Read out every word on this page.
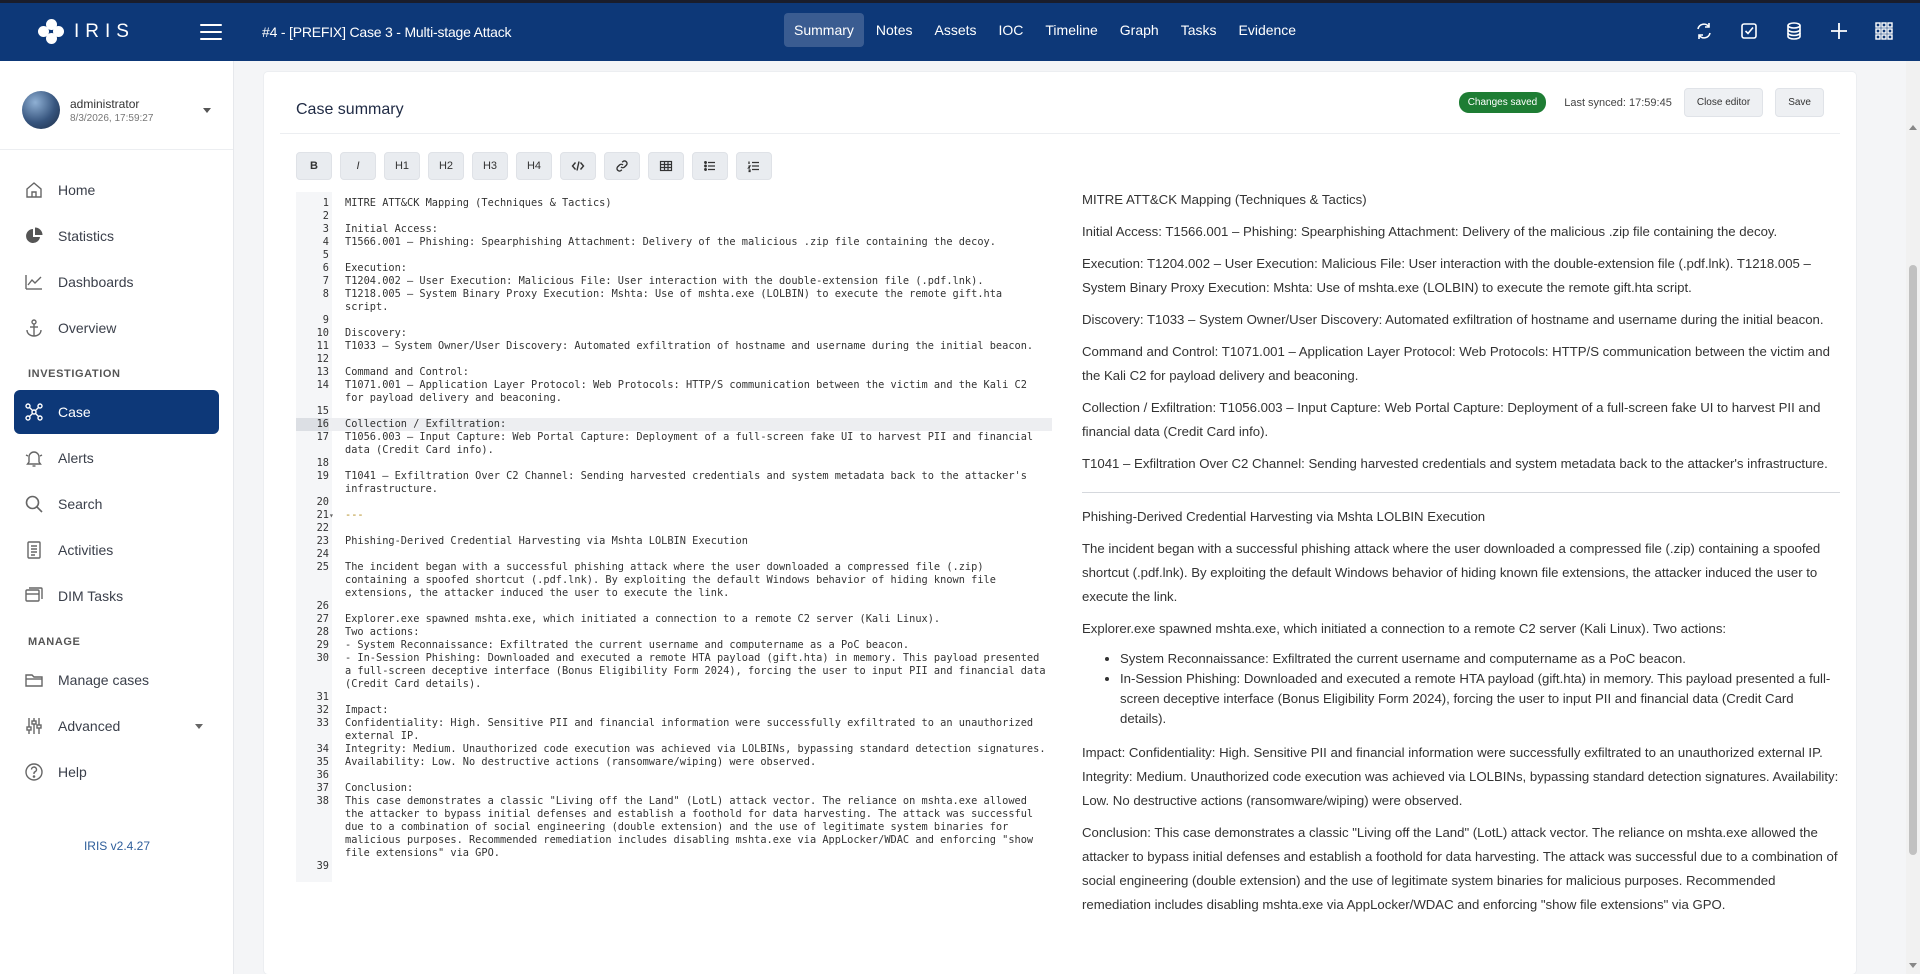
IRIS	#4 - [PREFIX] Case 3 - Multi-stage Attack	Summary	Notes	Assets	IOC	Timeline	Graph	Tasks	Evidence
administrator
8/3/2026, 17:59:27
Home
Statistics
Dashboards
Overview
INVESTIGATION
Case
Alerts
Search
Activities
DIM Tasks
MANAGE
Manage cases
Advanced
Help
IRIS v2.4.27
Case summary	Changes saved	Last synced: 17:59:45	Close editor	Save
B	I	H1	H2	H3	H4
1 MITRE ATT&CK Mapping (Techniques & Tactics)
2
3 Initial Access:
4 T1566.001 – Phishing: Spearphishing Attachment: Delivery of the malicious .zip file containing the decoy.
5
6 Execution:
7 T1204.002 – User Execution: Malicious File: User interaction with the double-extension file (.pdf.lnk).
8 T1218.005 – System Binary Proxy Execution: Mshta: Use of mshta.exe (LOLBIN) to execute the remote gift.hta script.
9
10 Discovery:
11 T1033 – System Owner/User Discovery: Automated exfiltration of hostname and username during the initial beacon.
12
13 Command and Control:
14 T1071.001 – Application Layer Protocol: Web Protocols: HTTP/S communication between the victim and the Kali C2 for payload delivery and beaconing.
15
16 Collection / Exfiltration:
17 T1056.003 – Input Capture: Web Portal Capture: Deployment of a full-screen fake UI to harvest PII and financial data (Credit Card info).
18
19 T1041 – Exfiltration Over C2 Channel: Sending harvested credentials and system metadata back to the attacker's infrastructure.
20
21 ▾	---
22
23 Phishing-Derived Credential Harvesting via Mshta LOLBIN Execution
24
25 The incident began with a successful phishing attack where the user downloaded a compressed file (.zip) containing a spoofed shortcut (.pdf.lnk). By exploiting the default Windows behavior of hiding known file extensions, the attacker induced the user to execute the link.
26
27 Explorer.exe spawned mshta.exe, which initiated a connection to a remote C2 server (Kali Linux).
28 Two actions:
29 - System Reconnaissance: Exfiltrated the current username and computername as a PoC beacon.
30 - In-Session Phishing: Downloaded and executed a remote HTA payload (gift.hta) in memory. This payload presented a full-screen deceptive interface (Bonus Eligibility Form 2024), forcing the user to input PII and financial data (Credit Card details).
31
32 Impact:
33 Confidentiality: High. Sensitive PII and financial information were successfully exfiltrated to an unauthorized external IP.
34 Integrity: Medium. Unauthorized code execution was achieved via LOLBINs, bypassing standard detection signatures.
35 Availability: Low. No destructive actions (ransomware/wiping) were observed.
36
37 Conclusion:
38 This case demonstrates a classic "Living off the Land" (LotL) attack vector. The reliance on mshta.exe allowed the attacker to bypass initial defenses and establish a foothold for data harvesting. The attack was successful due to a combination of social engineering (double extension) and the use of legitimate system binaries for malicious purposes. Recommended remediation includes disabling mshta.exe via AppLocker/WDAC and enforcing "show file extensions" via GPO.
39

MITRE ATT&CK Mapping (Techniques & Tactics)

Initial Access: T1566.001 – Phishing: Spearphishing Attachment: Delivery of the malicious .zip file containing the decoy.

Execution: T1204.002 – User Execution: Malicious File: User interaction with the double-extension file (.pdf.lnk). T1218.005 – System Binary Proxy Execution: Mshta: Use of mshta.exe (LOLBIN) to execute the remote gift.hta script.

Discovery: T1033 – System Owner/User Discovery: Automated exfiltration of hostname and username during the initial beacon.

Command and Control: T1071.001 – Application Layer Protocol: Web Protocols: HTTP/S communication between the victim and the Kali C2 for payload delivery and beaconing.

Collection / Exfiltration: T1056.003 – Input Capture: Web Portal Capture: Deployment of a full-screen fake UI to harvest PII and financial data (Credit Card info).

T1041 – Exfiltration Over C2 Channel: Sending harvested credentials and system metadata back to the attacker's infrastructure.

Phishing-Derived Credential Harvesting via Mshta LOLBIN Execution

The incident began with a successful phishing attack where the user downloaded a compressed file (.zip) containing a spoofed shortcut (.pdf.lnk). By exploiting the default Windows behavior of hiding known file extensions, the attacker induced the user to execute the link.

Explorer.exe spawned mshta.exe, which initiated a connection to a remote C2 server (Kali Linux). Two actions:

• System Reconnaissance: Exfiltrated the current username and computername as a PoC beacon.
• In-Session Phishing: Downloaded and executed a remote HTA payload (gift.hta) in memory. This payload presented a full-screen deceptive interface (Bonus Eligibility Form 2024), forcing the user to input PII and financial data (Credit Card details).

Impact: Confidentiality: High. Sensitive PII and financial information were successfully exfiltrated to an unauthorized external IP. Integrity: Medium. Unauthorized code execution was achieved via LOLBINs, bypassing standard detection signatures. Availability: Low. No destructive actions (ransomware/wiping) were observed.

Conclusion: This case demonstrates a classic "Living off the Land" (LotL) attack vector. The reliance on mshta.exe allowed the attacker to bypass initial defenses and establish a foothold for data harvesting. The attack was successful due to a combination of social engineering (double extension) and the use of legitimate system binaries for malicious purposes. Recommended remediation includes disabling mshta.exe via AppLocker/WDAC and enforcing "show file extensions" via GPO.
